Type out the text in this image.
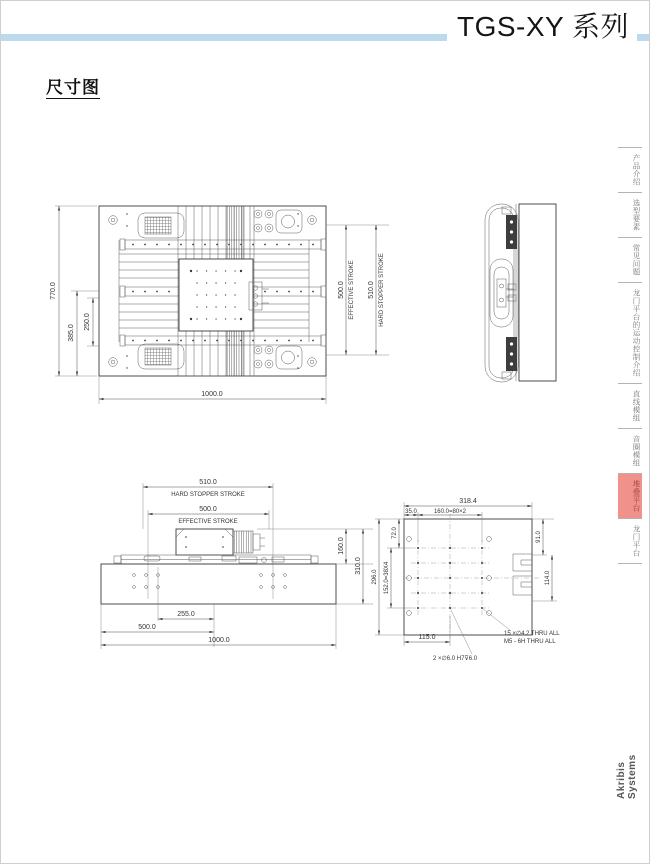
TGS-XY 系列
尺寸图
770.0
385.0
250.0
1000.0
500.0 EFFECTIVE STROKE 510.0 HARD STOPPER STROKE
510.0
HARD STOPPER STROKE
500.0
EFFECTIVE STROKE
160.0
310.0
255.0
500.0
1000.0
318.4
35.0	160.0=80×2
72.0
152.0=38X4
296.0
91.0
114.0
115.0	15 ×∅4.2 THRU ALL
M5 - 6H THRU ALL
2 ×∅6.0 H7⊽6.0
产品介绍
选型要素
常见问题
龙门平台的运动控制介绍
直线模组
音圈模组
堆叠平台
龙门平台
Akribis Systems
